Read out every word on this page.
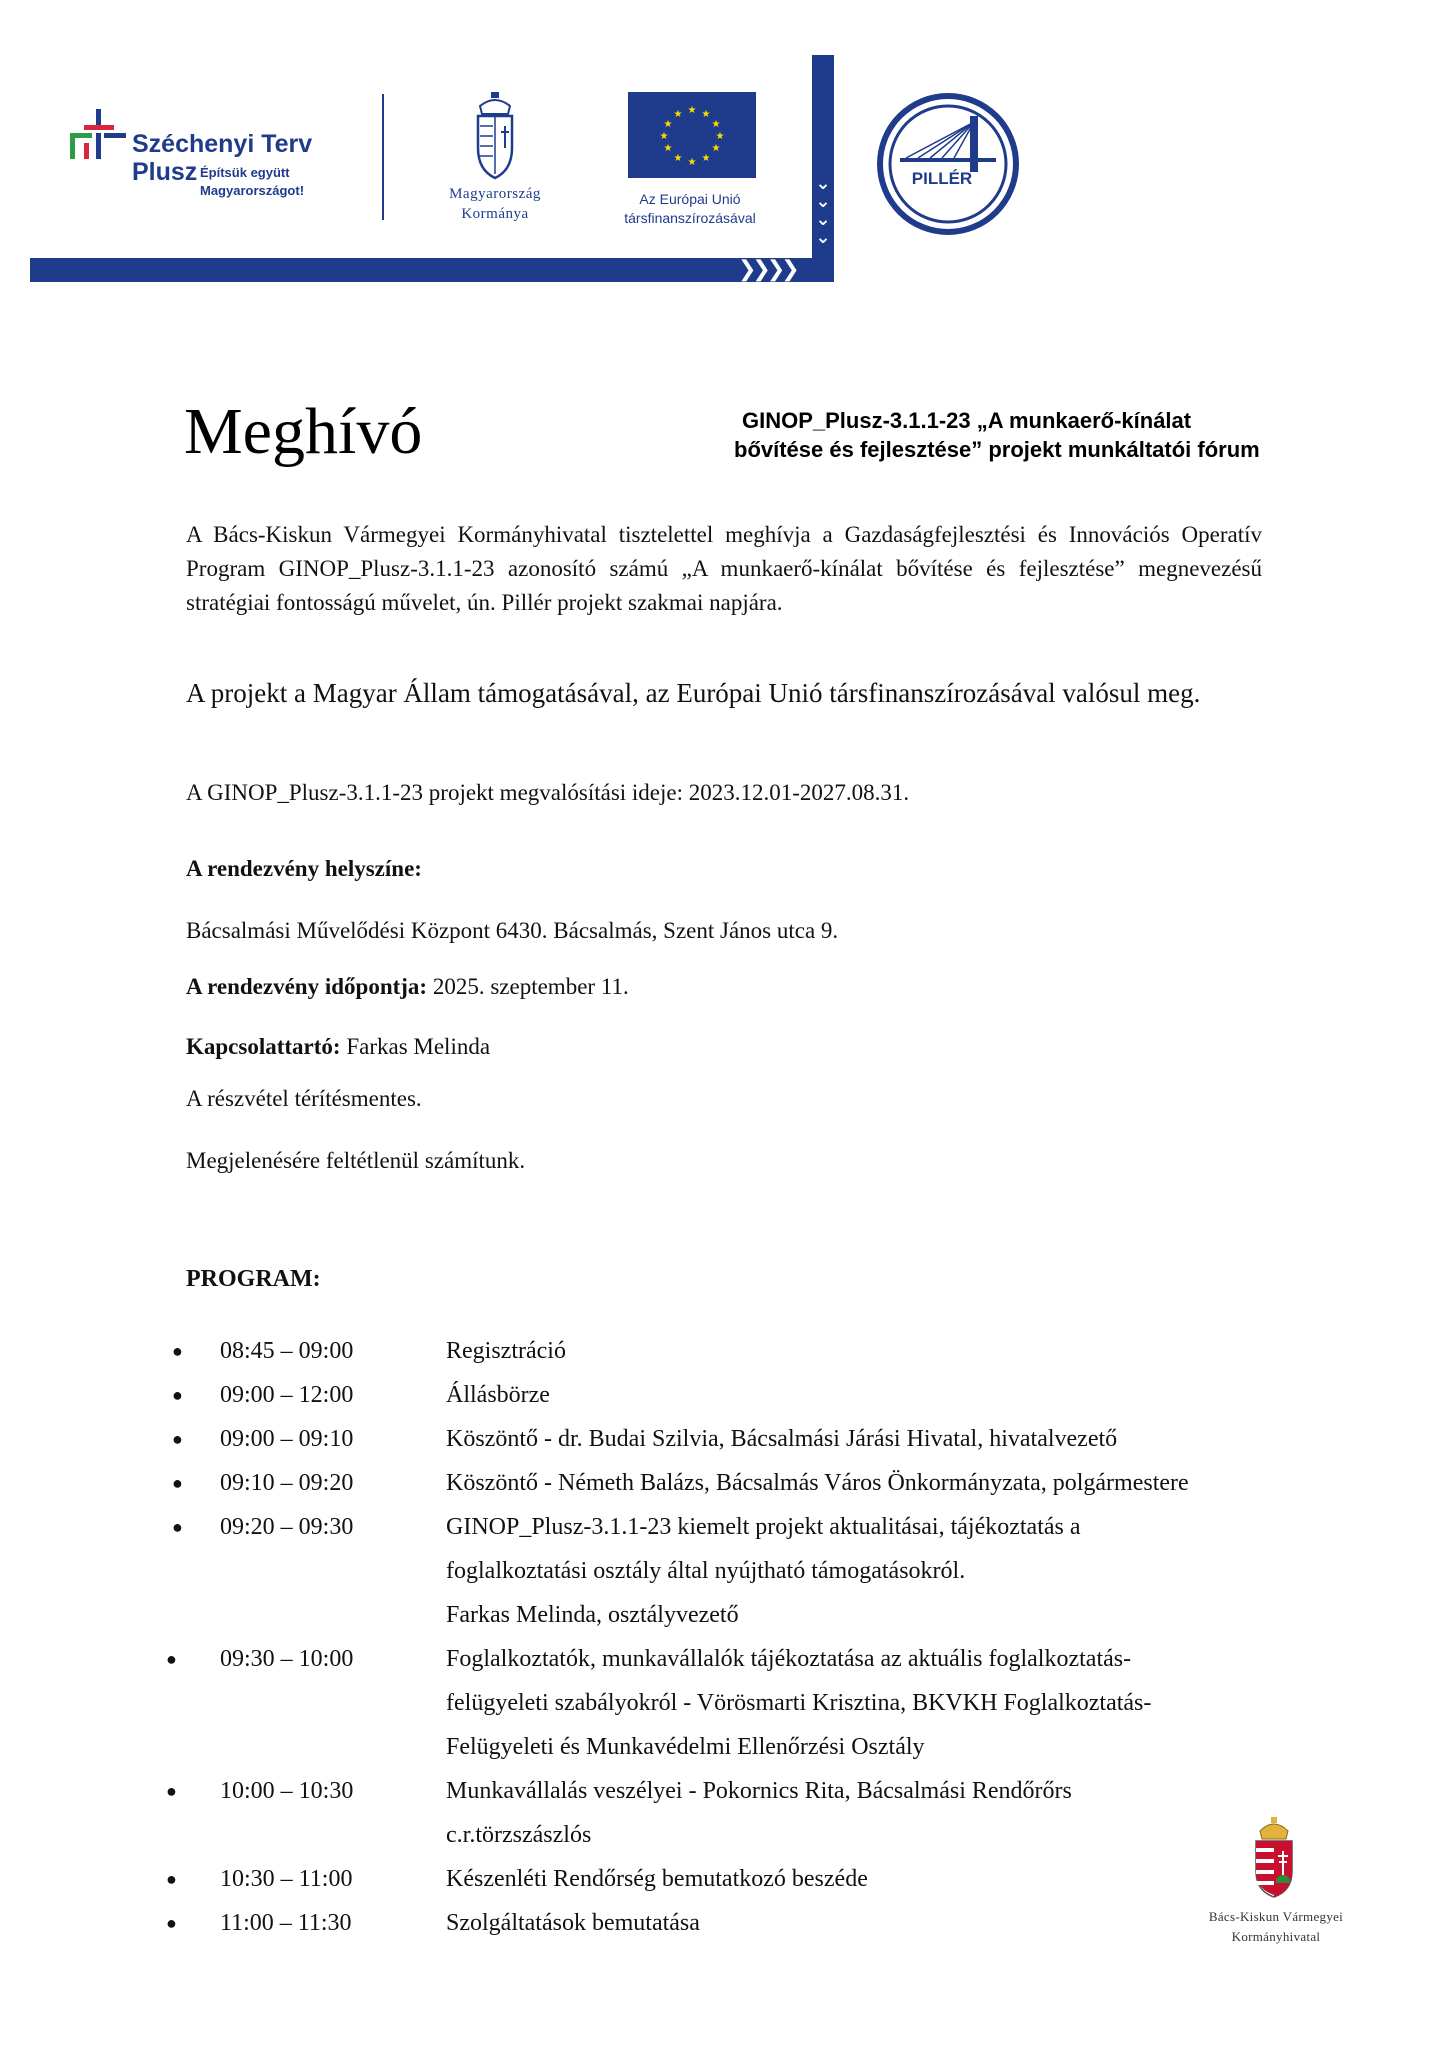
❯❯❯❯
⌄
⌄
⌄
⌄
Széchenyi Terv
Plusz Építsük együtt Magyarországot!	Magyarország
Kormánya
★ ★
★
★
★
★
★
★
★
★
★
★
Az Európai Unió
társfinanszírozásával
PILLÉR
Meghívó	GINOP_Plusz-3.1.1-23 „A munkaerő-kínálat
bővítése és fejlesztése” projekt munkáltatói fórum
A Bács-Kiskun Vármegyei Kormányhivatal tisztelettel meghívja a Gazdaságfejlesztési és Innovációs Operatív Program GINOP_Plusz-3.1.1-23 azonosító számú „A munkaerő-kínálat bővítése és fejlesztése” megnevezésű stratégiai fontosságú művelet, ún. Pillér projekt szakmai napjára.
A projekt a Magyar Állam támogatásával, az Európai Unió társfinanszírozásával valósul meg.
A GINOP_Plusz-3.1.1-23 projekt megvalósítási ideje: 2023.12.01-2027.08.31.
A rendezvény helyszíne:
Bácsalmási Művelődési Központ 6430. Bácsalmás, Szent János utca 9.
A rendezvény időpontja: 2025. szeptember 11.
Kapcsolattartó: Farkas Melinda
A részvétel térítésmentes.
Megjelenésére feltétlenül számítunk.
PROGRAM:
● 08:45 – 09:00	Regisztráció
● 09:00 – 12:00	Állásbörze
● 09:00 – 09:10	Köszöntő - dr. Budai Szilvia, Bácsalmási Járási Hivatal, hivatalvezető
● 09:10 – 09:20	Köszöntő - Németh Balázs, Bácsalmás Város Önkormányzata, polgármestere
● 09:20 – 09:30	GINOP_Plusz-3.1.1-23 kiemelt projekt aktualitásai, tájékoztatás a
foglalkoztatási osztály által nyújtható támogatásokról.
Farkas Melinda, osztályvezető
● 09:30 – 10:00	Foglalkoztatók, munkavállalók tájékoztatása az aktuális foglalkoztatás-
felügyeleti szabályokról - Vörösmarti Krisztina, BKVKH Foglalkoztatás-
Felügyeleti és Munkavédelmi Ellenőrzési Osztály
● 10:00 – 10:30	Munkavállalás veszélyei - Pokornics Rita, Bácsalmási Rendőrőrs
c.r.törzszászlós
● 10:30 – 11:00	Készenléti Rendőrség bemutatkozó beszéde
● 11:00 – 11:30	Szolgáltatások bemutatása	Bács-Kiskun Vármegyei
Kormányhivatal
